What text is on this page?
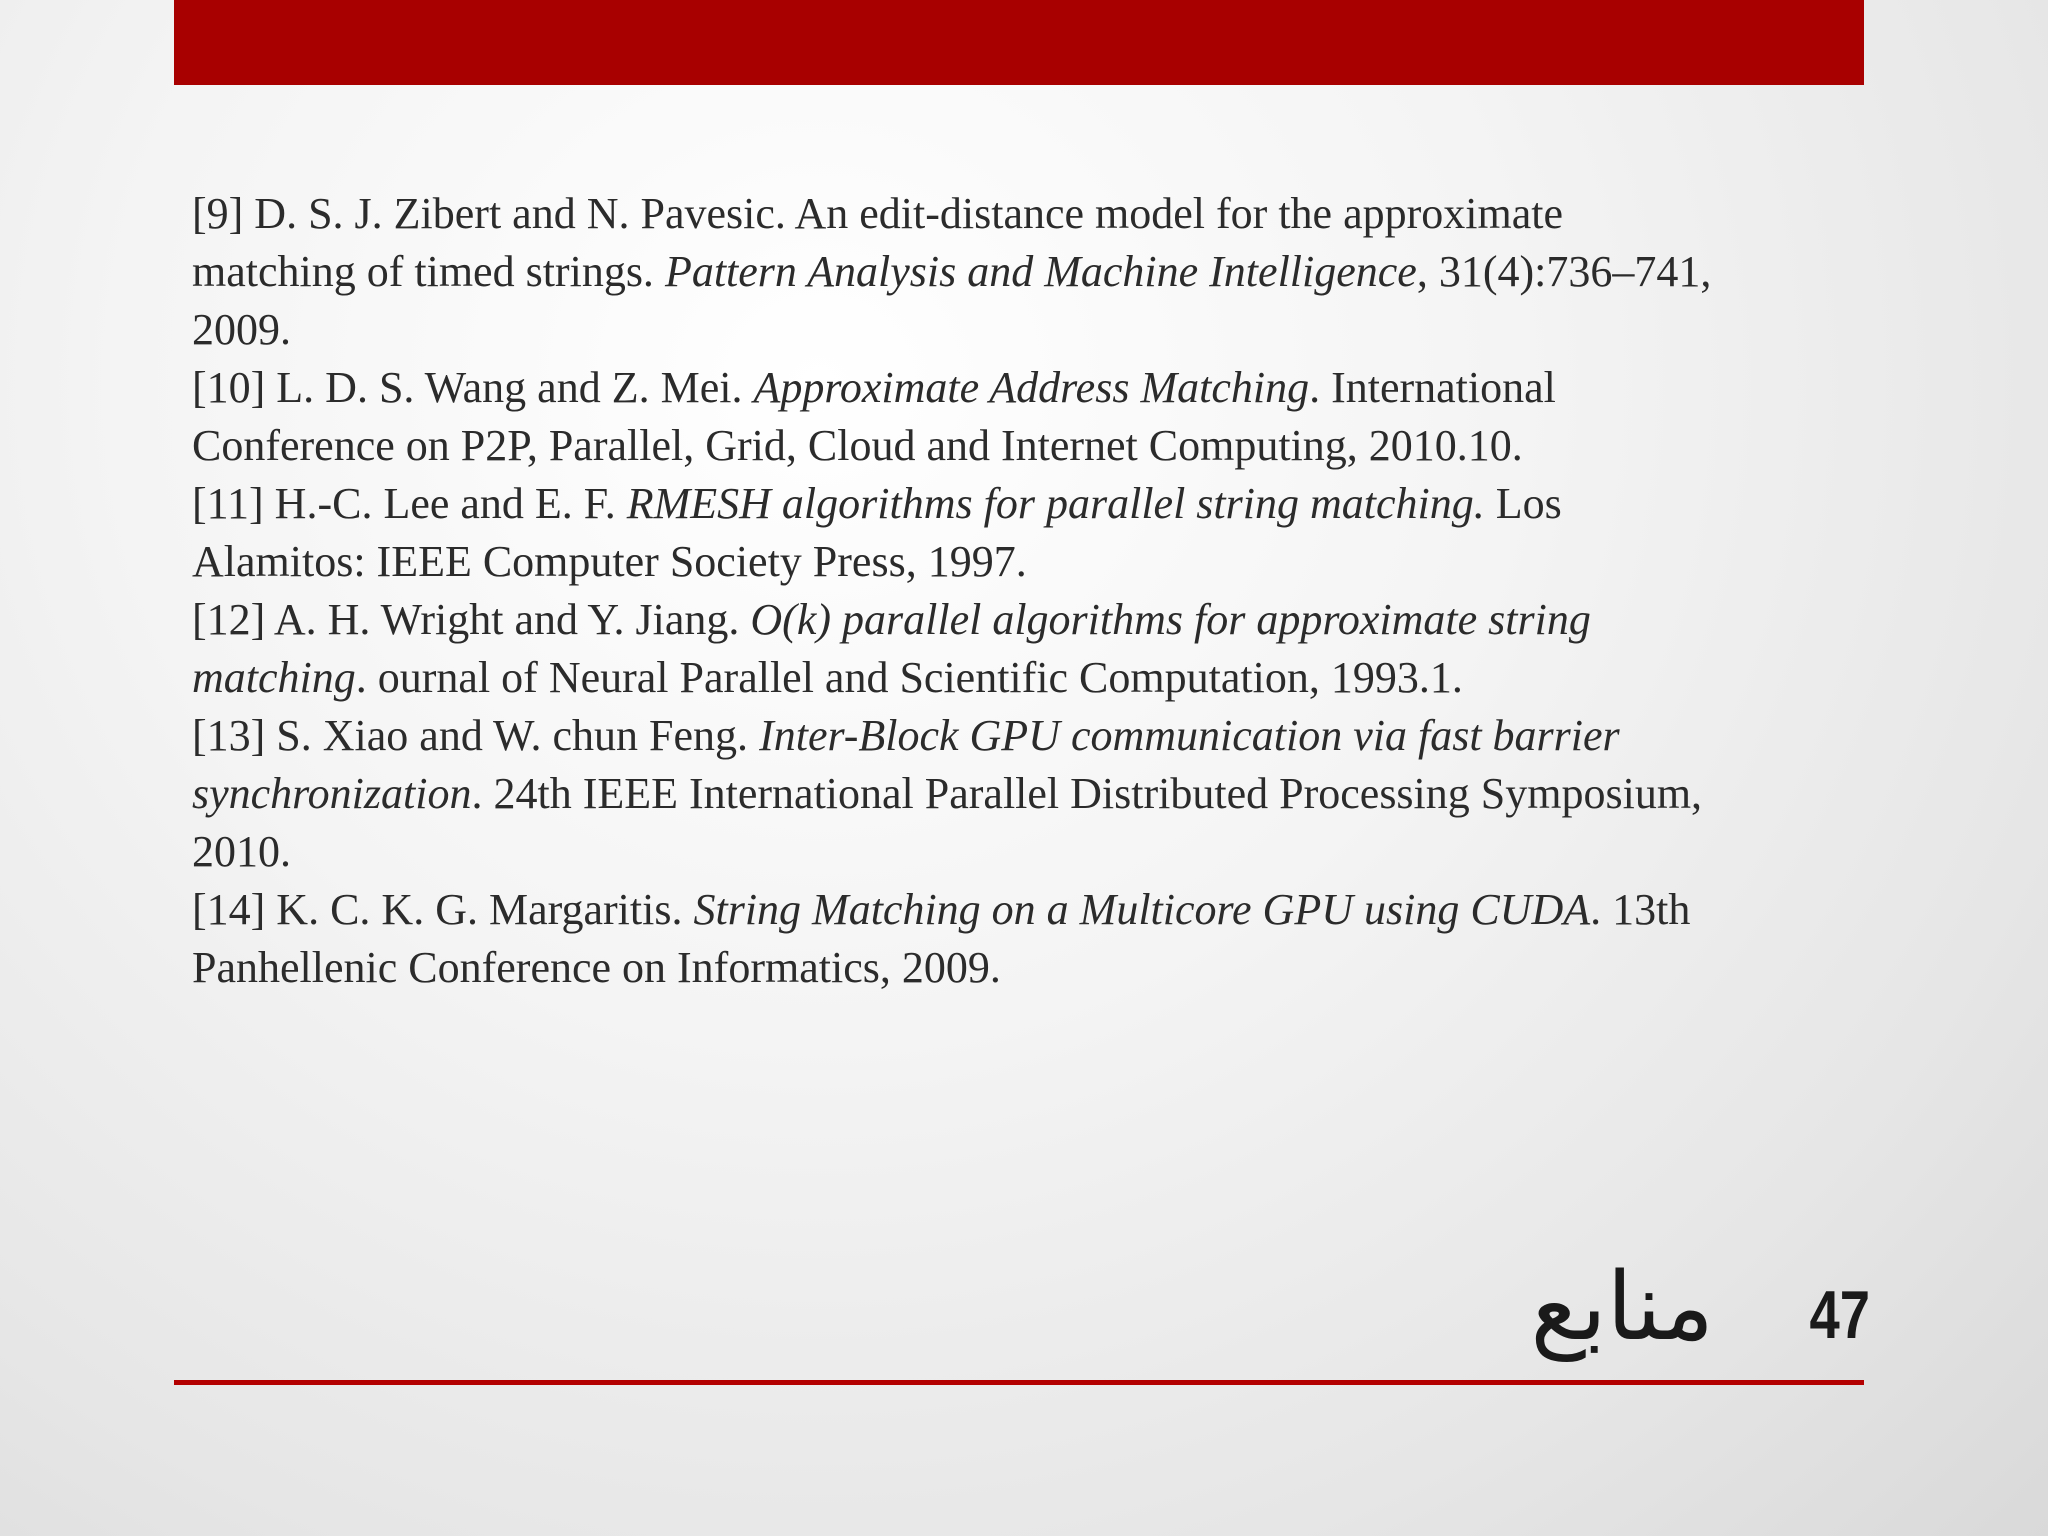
[9] D. S. J. Zibert and N. Pavesic. An edit-distance model for the approximate matching of timed strings. Pattern Analysis and Machine Intelligence, 31(4):736–741, 2009.

[10] L. D. S. Wang and Z. Mei. Approximate Address Matching. International Conference on P2P, Parallel, Grid, Cloud and Internet Computing, 2010.10.

[11] H.-C. Lee and E. F. RMESH algorithms for parallel string matching. Los Alamitos: IEEE Computer Society Press, 1997.

[12] A. H. Wright and Y. Jiang. O(k) parallel algorithms for approximate string matching. ournal of Neural Parallel and Scientific Computation, 1993.1.

[13] S. Xiao and W. chun Feng. Inter-Block GPU communication via fast barrier synchronization. 24th IEEE International Parallel Distributed Processing Symposium, 2010.

[14] K. C. K. G. Margaritis. String Matching on a Multicore GPU using CUDA. 13th Panhellenic Conference on Informatics, 2009.

منابع 47
